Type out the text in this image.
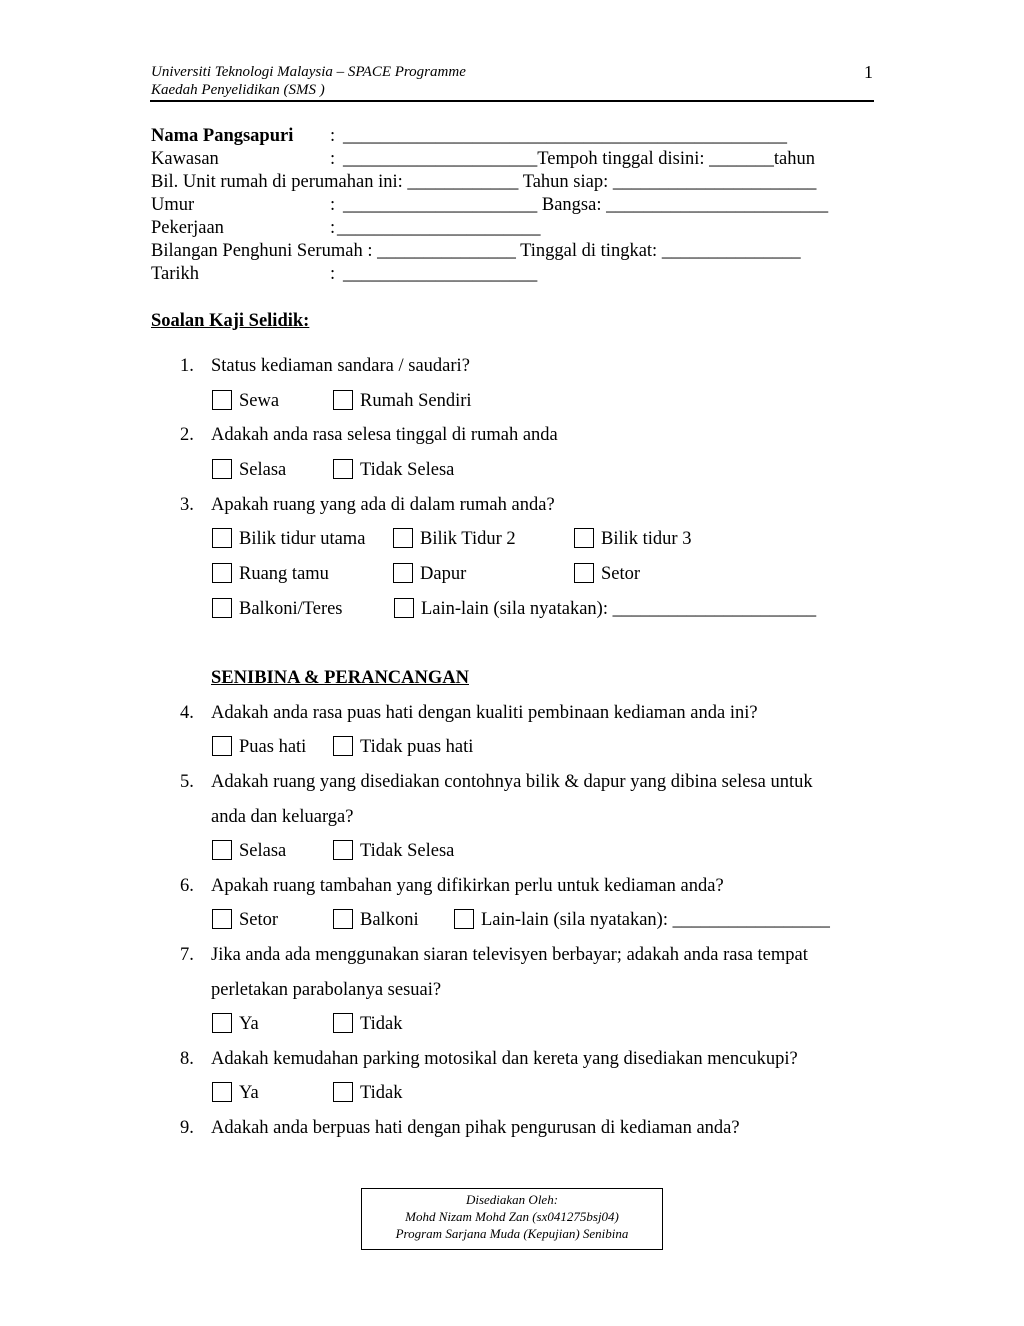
Universiti Teknologi Malaysia – SPACE Programme
Kaedah Penyelidikan (SMS )
1
Nama Pangsapuri : ________________________________________________
Kawasan	: _____________________Tempoh tinggal disini: _______tahun
Bil. Unit rumah di perumahan ini: ____________ Tahun siap: ______________________
Umur	: _____________________ Bangsa: ________________________
Pekerjaan	: ______________________
Bilangan Penghuni Serumah : _______________ Tinggal di tingkat: _______________
Tarikh	: _____________________
Soalan Kaji Selidik:
1. Status kediaman sandara / saudari?
Sewa	Rumah Sendiri
2. Adakah anda rasa selesa tinggal di rumah anda
Selasa	Tidak Selesa
3. Apakah ruang yang ada di dalam rumah anda?
Bilik tidur utama	Bilik Tidur 2	Bilik tidur 3
Ruang tamu	Dapur	Setor
Balkoni/Teres	Lain-lain (sila nyatakan): ______________________
SENIBINA & PERANCANGAN
4. Adakah anda rasa puas hati dengan kualiti pembinaan kediaman anda ini?
Puas hati	Tidak puas hati
5. Adakah ruang yang disediakan contohnya bilik & dapur yang dibina selesa untuk
anda dan keluarga?
Selasa	Tidak Selesa
6. Apakah ruang tambahan yang difikirkan perlu untuk kediaman anda?
Setor	Balkoni	Lain-lain (sila nyatakan): _________________
7. Jika anda ada menggunakan siaran televisyen berbayar; adakah anda rasa tempat
perletakan parabolanya sesuai?
Ya	Tidak
8. Adakah kemudahan parking motosikal dan kereta yang disediakan mencukupi?
Ya	Tidak
9. Adakah anda berpuas hati dengan pihak pengurusan di kediaman anda?
Disediakan Oleh:
Mohd Nizam Mohd Zan (sx041275bsj04)
Program Sarjana Muda (Kepujian) Senibina
